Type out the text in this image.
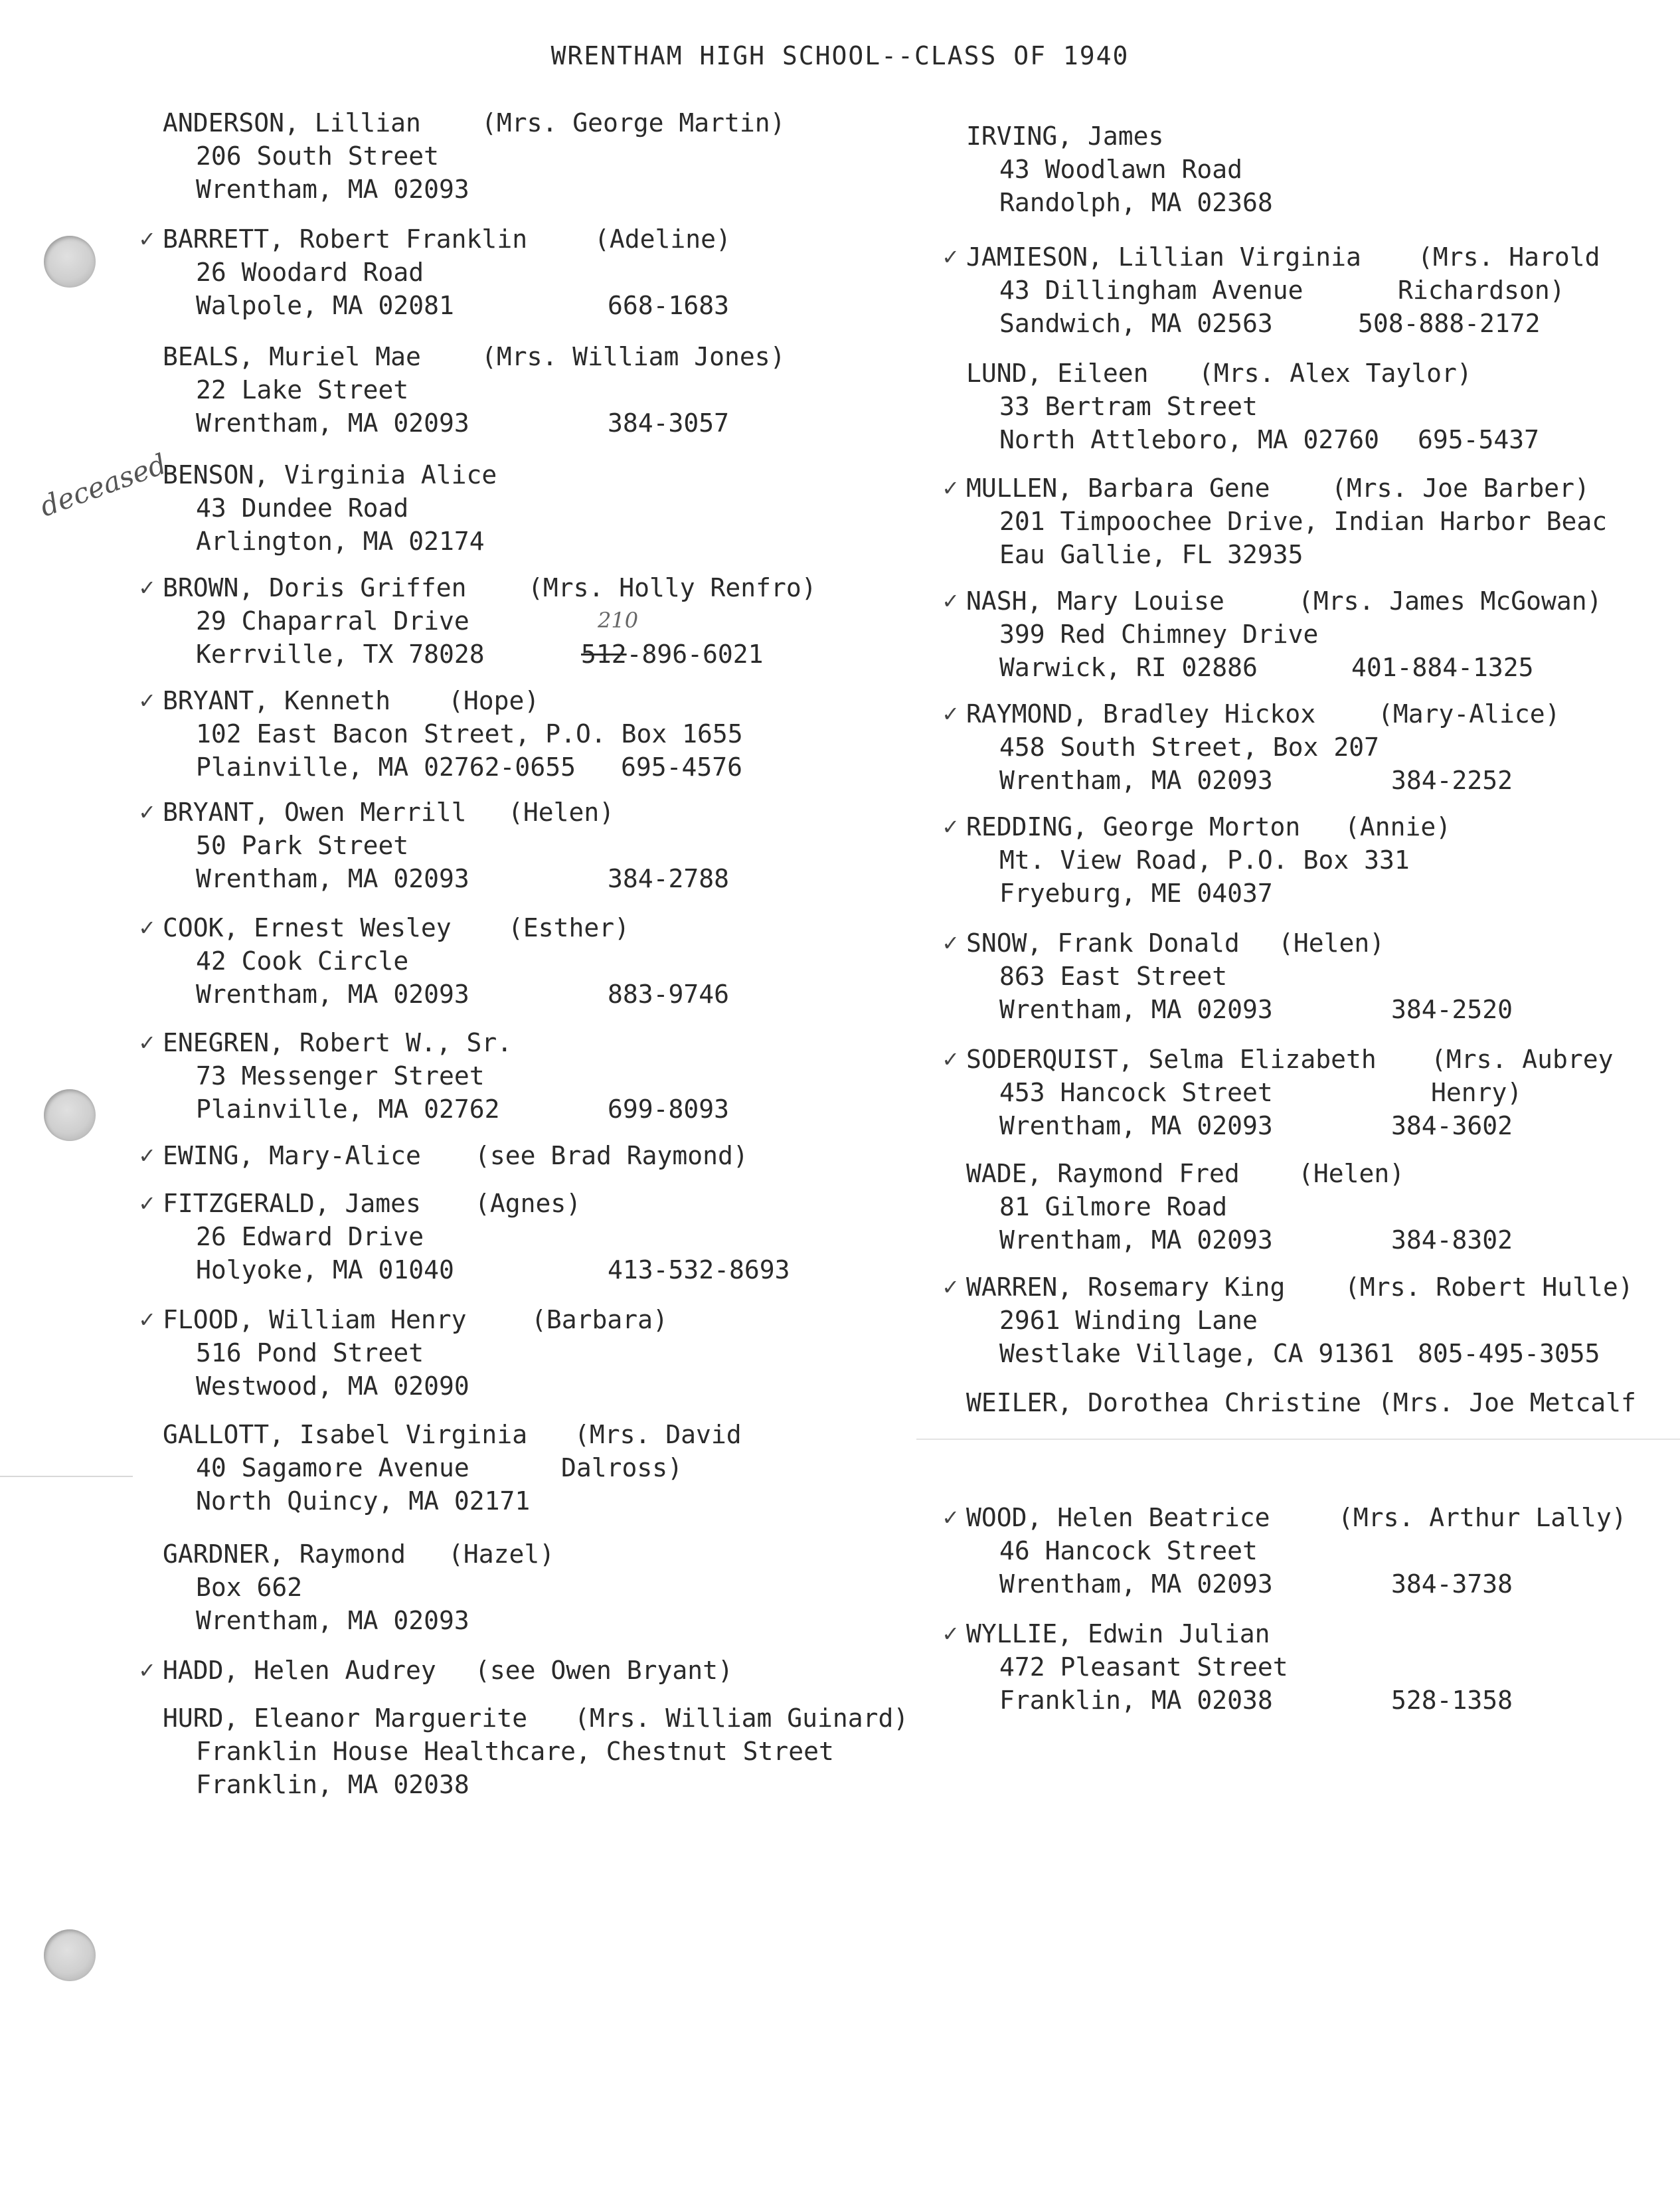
WRENTHAM HIGH SCHOOL--CLASS OF 1940
deceased
210
ANDERSON, Lillian (Mrs. George Martin)
206 South Street
Wrentham, MA 02093
✓ BARRETT, Robert Franklin	(Adeline)
26 Woodard Road
Walpole, MA 02081	668-1683
BEALS, Muriel Mae (Mrs. William Jones)
22 Lake Street
Wrentham, MA 02093	384-3057
BENSON, Virginia Alice
43 Dundee Road
Arlington, MA 02174
✓ BROWN, Doris Griffen (Mrs. Holly Renfro)
29 Chaparral Drive
Kerrville, TX 78028	512-896-6021
✓ BRYANT, Kenneth (Hope)
102 East Bacon Street, P.O. Box 1655
Plainville, MA 02762-0655 695-4576
✓ BRYANT, Owen Merrill (Helen)
50 Park Street
Wrentham, MA 02093	384-2788
✓ COOK, Ernest Wesley (Esther)
42 Cook Circle
Wrentham, MA 02093	883-9746
✓ ENEGREN, Robert W., Sr.
73 Messenger Street
Plainville, MA 02762	699-8093
✓ EWING, Mary-Alice (see Brad Raymond)
✓ FITZGERALD, James (Agnes)
26 Edward Drive
Holyoke, MA 01040	413-532-8693
✓ FLOOD, William Henry	(Barbara)
516 Pond Street
Westwood, MA 02090
GALLOTT, Isabel Virginia (Mrs. David
40 Sagamore Avenue	Dalross)
North Quincy, MA 02171
GARDNER, Raymond (Hazel)
Box 662
Wrentham, MA 02093
✓ HADD, Helen Audrey (see Owen Bryant)
HURD, Eleanor Marguerite (Mrs. William Guinard)
Franklin House Healthcare, Chestnut Street
Franklin, MA 02038
IRVING, James
43 Woodlawn Road
Randolph, MA 02368
✓ JAMIESON, Lillian Virginia (Mrs. Harold
43 Dillingham Avenue	Richardson)
Sandwich, MA 02563	508-888-2172
LUND, Eileen (Mrs. Alex Taylor)
33 Bertram Street
North Attleboro, MA 02760 695-5437
✓ MULLEN, Barbara Gene (Mrs. Joe Barber)
201 Timpoochee Drive, Indian Harbor Beac
Eau Gallie, FL 32935
✓ NASH, Mary Louise	(Mrs. James McGowan)
399 Red Chimney Drive
Warwick, RI 02886	401-884-1325
✓ RAYMOND, Bradley Hickox (Mary-Alice)
458 South Street, Box 207
Wrentham, MA 02093	384-2252
✓ REDDING, George Morton (Annie)
Mt. View Road, P.O. Box 331
Fryeburg, ME 04037
✓ SNOW, Frank Donald (Helen)
863 East Street
Wrentham, MA 02093	384-2520
✓ SODERQUIST, Selma Elizabeth (Mrs. Aubrey
453 Hancock Street	Henry)
Wrentham, MA 02093	384-3602
WADE, Raymond Fred (Helen)
81 Gilmore Road
Wrentham, MA 02093	384-8302
✓ WARREN, Rosemary King (Mrs. Robert Hulle)
2961 Winding Lane
Westlake Village, CA 91361 805-495-3055
WEILER, Dorothea Christine (Mrs. Joe Metcalf
✓ WOOD, Helen Beatrice	(Mrs. Arthur Lally)
46 Hancock Street
Wrentham, MA 02093	384-3738
✓ WYLLIE, Edwin Julian
472 Pleasant Street
Franklin, MA 02038	528-1358
